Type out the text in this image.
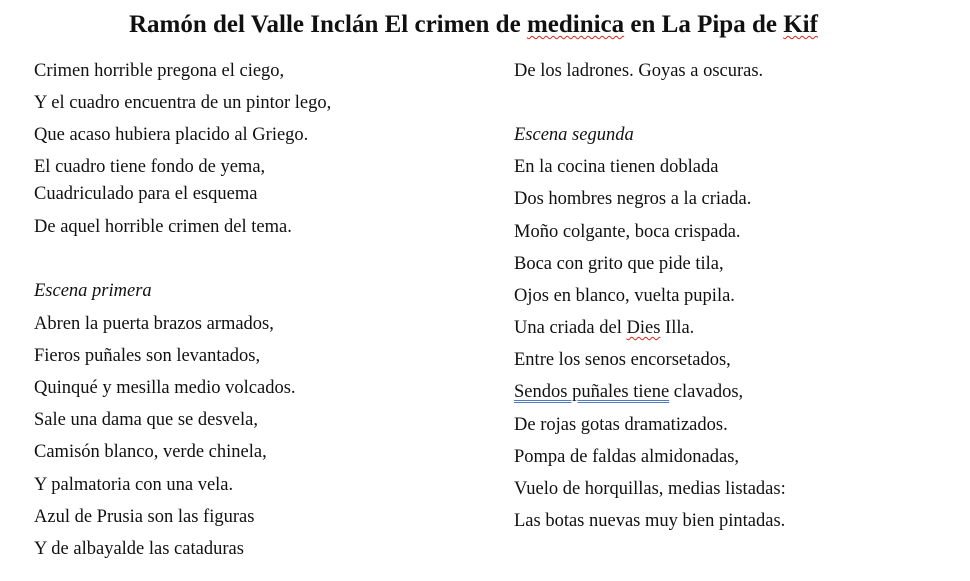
Ramón del Valle Inclán El crimen de medinica en La Pipa de Kif
Crimen horrible pregona el ciego,
Y el cuadro encuentra de un pintor lego,
Que acaso hubiera placido al Griego.
El cuadro tiene fondo de yema,
Cuadriculado para el esquema
De aquel horrible crimen del tema.
Escena primera
Abren la puerta brazos armados,
Fieros puñales son levantados,
Quinqué y mesilla medio volcados.
Sale una dama que se desvela,
Camisón blanco, verde chinela,
Y palmatoria con una vela.
Azul de Prusia son las figuras
Y de albayalde las cataduras
De los ladrones. Goyas a oscuras.
Escena segunda
En la cocina tienen doblada
Dos hombres negros a la criada.
Moño colgante, boca crispada.
Boca con grito que pide tila,
Ojos en blanco, vuelta pupila.
Una criada del Dies Illa.
Entre los senos encorsetados,
Sendos puñales tiene clavados,
De rojas gotas dramatizados.
Pompa de faldas almidonadas,
Vuelo de horquillas, medias listadas:
Las botas nuevas muy bien pintadas.
